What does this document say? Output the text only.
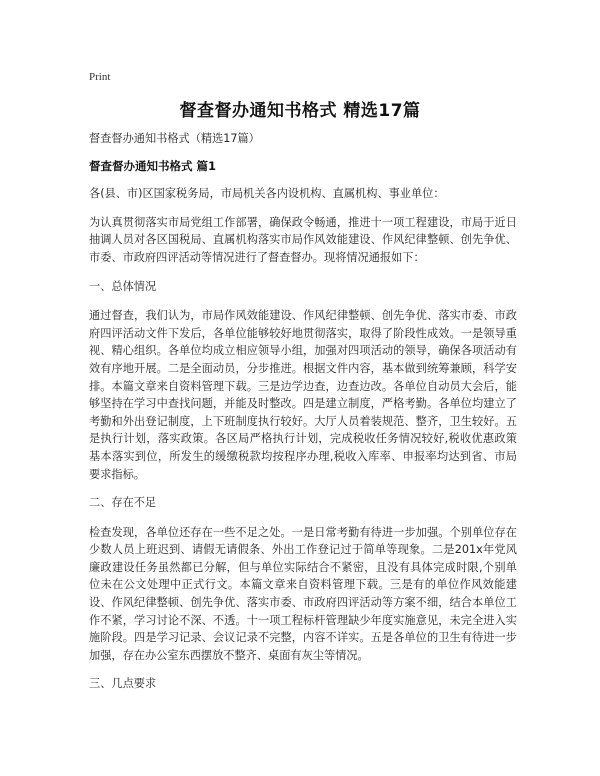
Print
督查督办通知书格式 精选17篇

督查督办通知书格式（精选17篇）

督查督办通知书格式 篇1

各(县、市)区国家税务局，市局机关各内设机构、直属机构、事业单位：

为认真贯彻落实市局党组工作部署，确保政令畅通，推进十一项工程建设，市局于近日抽调人员对各区国税局、直属机构落实市局作风效能建设、作风纪律整顿、创先争优、市委、市政府四评活动等情况进行了督查督办。现将情况通报如下：

一、总体情况

通过督查，我们认为，市局作风效能建设、作风纪律整顿、创先争优、落实市委、市政府四评活动文件下发后，各单位能够较好地贯彻落实，取得了阶段性成效。一是领导重视、精心组织。各单位均成立相应领导小组，加强对四项活动的领导，确保各项活动有效有序地开展。二是全面动员，分步推进。根据文件内容，基本做到统筹兼顾，科学安排。本篇文章来自资料管理下载。三是边学边查，边查边改。各单位自动员大会后，能够坚持在学习中查找问题，并能及时整改。四是建立制度，严格考勤。各单位均建立了考勤和外出登记制度，上下班制度执行较好。大厅人员着装规范、整齐，卫生较好。五是执行计划，落实政策。各区局严格执行计划，完成税收任务情况较好,税收优惠政策基本落实到位，所发生的缓缴税款均按程序办理,税收入库率、申报率均达到省、市局要求指标。

二、存在不足

检查发现，各单位还存在一些不足之处。一是日常考勤有待进一步加强。个别单位存在少数人员上班迟到、请假无请假条、外出工作登记过于简单等现象。二是201x年党风廉政建设任务虽然都已分解，但与单位实际结合不紧密，且没有具体完成时限,个别单位未在公文处理中正式行文。本篇文章来自资料管理下载。三是有的单位作风效能建设、作风纪律整顿、创先争优、落实市委、市政府四评活动等方案不细，结合本单位工作不紧，学习讨论不深、不透。十一项工程标杆管理缺少年度实施意见，未完全进入实施阶段。四是学习记录、会议记录不完整，内容不详实。五是各单位的卫生有待进一步加强，存在办公室东西摆放不整齐、桌面有灰尘等情况。

三、几点要求
